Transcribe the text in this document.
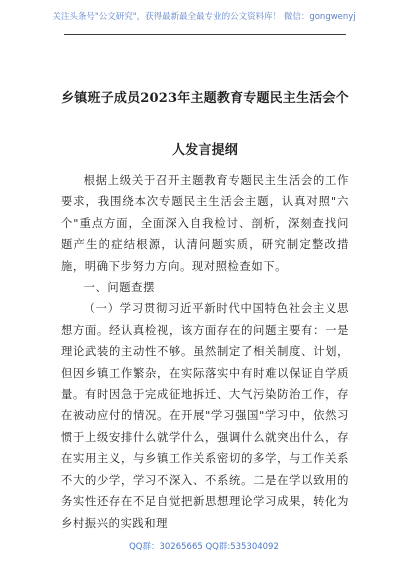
关注头条号"公文研究"，获得最新最全最专业的公文资料库！ 微信：gongwenyj
乡镇班子成员2023年主题教育专题民主生活会个人发言提纲

根据上级关于召开主题教育专题民主生活会的工作要求，我围绕本次专题民主生活会主题，认真对照"六个"重点方面，全面深入自我检讨、剖析，深刻查找问题产生的症结根源，认清问题实质，研究制定整改措施，明确下步努力方向。现对照检查如下。

一、问题查摆

（一）学习贯彻习近平新时代中国特色社会主义思想方面。经认真检视，该方面存在的问题主要有：一是理论武装的主动性不够。虽然制定了相关制度、计划，但因乡镇工作繁杂，在实际落实中有时难以保证自学质量。有时因急于完成征地拆迁、大气污染防治工作，存在被动应付的情况。在开展"学习强国"学习中，依然习惯于上级安排什么就学什么，强调什么就突出什么，存在实用主义，与乡镇工作关系密切的多学，与工作关系不大的少学，学习不深入、不系统。二是在学以致用的务实性还存在不足自觉把新思想理论学习成果，转化为乡村振兴的实践和理

QQ群：30265665 QQ群:535304092
